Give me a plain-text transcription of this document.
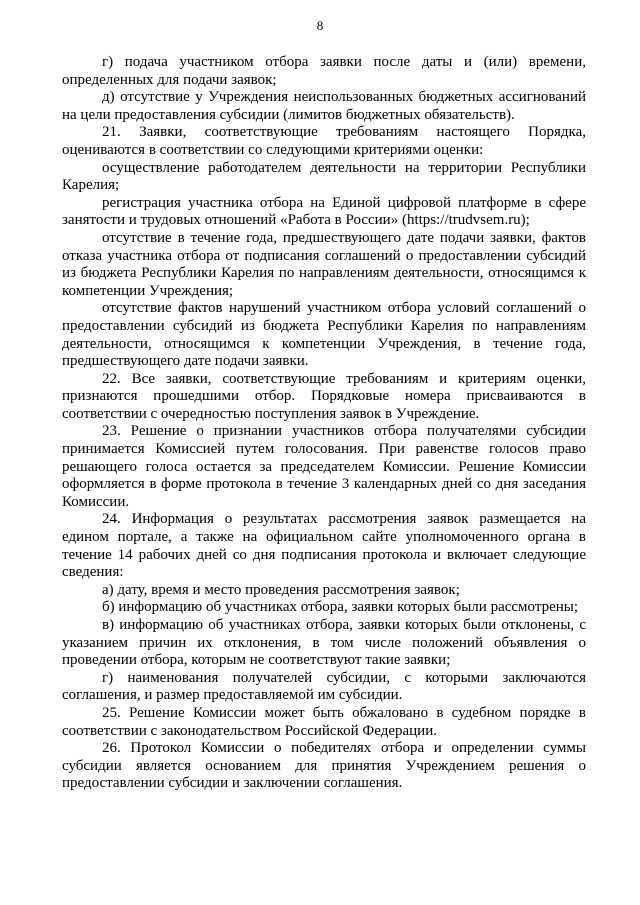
8

г) подача участником отбора заявки после даты и (или) времени, определенных для подачи заявок;

д) отсутствие у Учреждения неиспользованных бюджетных ассигнований на цели предоставления субсидии (лимитов бюджетных обязательств).

21. Заявки, соответствующие требованиям настоящего Порядка, оцениваются в соответствии со следующими критериями оценки:

осуществление работодателем деятельности на территории Республики Карелия;

регистрация участника отбора на Единой цифровой платформе в сфере занятости и трудовых отношений «Работа в России» (https://trudvsem.ru);

отсутствие в течение года, предшествующего дате подачи заявки, фактов отказа участника отбора от подписания соглашений о предоставлении субсидий из бюджета Республики Карелия по направлениям деятельности, относящимся к компетенции Учреждения;

отсутствие фактов нарушений участником отбора условий соглашений о предоставлении субсидий из бюджета Республики Карелия по направлениям деятельности, относящимся к компетенции Учреждения, в течение года, предшествующего дате подачи заявки.

22. Все заявки, соответствующие требованиям и критериям оценки, признаются прошедшими отбор. Порядковые номера присваиваются в соответствии с очередностью поступления заявок в Учреждение.

23. Решение о признании участников отбора получателями субсидии принимается Комиссией путем голосования. При равенстве голосов право решающего голоса остается за председателем Комиссии. Решение Комиссии оформляется в форме протокола в течение 3 календарных дней со дня заседания Комиссии.

24. Информация о результатах рассмотрения заявок размещается на едином портале, а также на официальном сайте уполномоченного органа в течение 14 рабочих дней со дня подписания протокола и включает следующие сведения:

а) дату, время и место проведения рассмотрения заявок;

б) информацию об участниках отбора, заявки которых были рассмотрены;

в) информацию об участниках отбора, заявки которых были отклонены, с указанием причин их отклонения, в том числе положений объявления о проведении отбора, которым не соответствуют такие заявки;

г) наименования получателей субсидии, с которыми заключаются соглашения, и размер предоставляемой им субсидии.

25. Решение Комиссии может быть обжаловано в судебном порядке в соответствии с законодательством Российской Федерации.

26. Протокол Комиссии о победителях отбора и определении суммы субсидии является основанием для принятия Учреждением решения о предоставлении субсидии и заключении соглашения.
